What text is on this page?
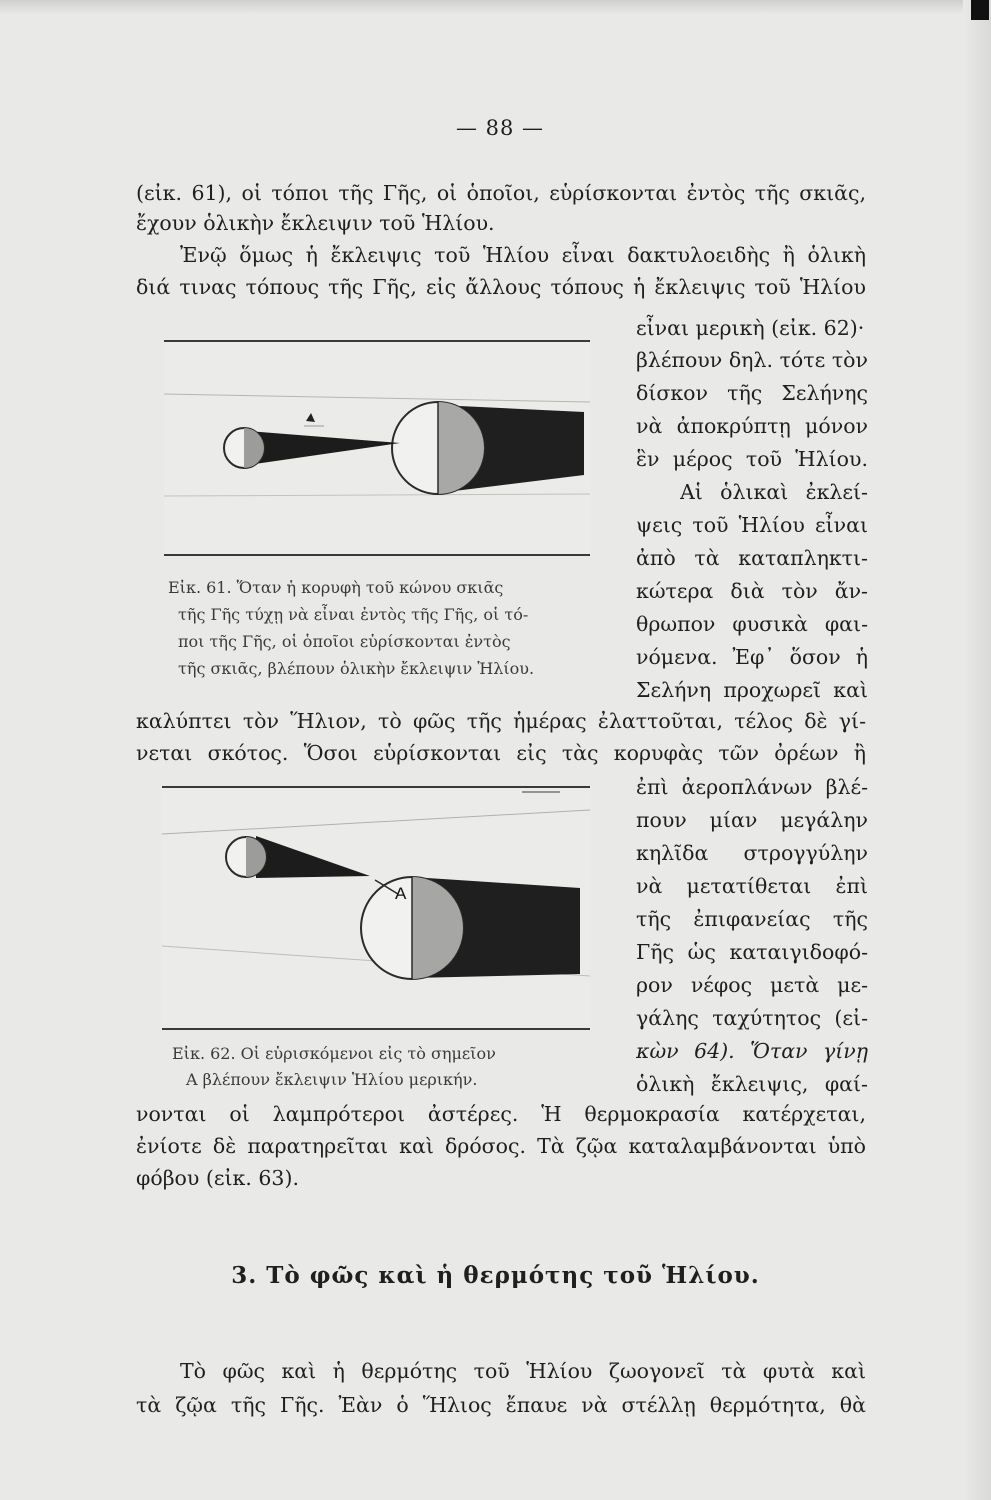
— 88 —
(εἰκ. 61), οἱ τόποι τῆς Γῆς, οἱ ὁποῖοι, εὑρίσκονται ἐντὸς τῆς σκιᾶς,
ἔχουν ὁλικὴν ἔκλειψιν τοῦ Ἡλίου.
Ἐνῷ ὅμως ἡ ἔκλειψις τοῦ Ἡλίου εἶναι δακτυλοειδὴς ἢ ὁλικὴ
διά τινας τόπους τῆς Γῆς, εἰς ἄλλους τόπους ἡ ἔκλειψις τοῦ Ἡλίου
εἶναι μερικὴ (εἰκ. 62)·
βλέπουν δηλ. τότε τὸν
δίσκον τῆς Σελήνης
νὰ ἀποκρύπτῃ μόνον
ἓν μέρος τοῦ Ἡλίου.
Αἱ ὁλικαὶ ἐκλεί-
ψεις τοῦ Ἡλίου εἶναι
ἀπὸ τὰ καταπληκτι-
κώτερα διὰ τὸν ἄν-
θρωπον φυσικὰ φαι-
νόμενα. Ἐφ᾽ ὅσον ἡ
Σελήνη προχωρεῖ καὶ
Εἰκ. 61. Ὅταν ἡ κορυφὴ τοῦ κώνου σκιᾶς
τῆς Γῆς τύχῃ νὰ εἶναι ἐντὸς τῆς Γῆς, οἱ τό-
ποι τῆς Γῆς, οἱ ὁποῖοι εὑρίσκονται ἐντὸς
τῆς σκιᾶς, βλέπουν ὁλικὴν ἔκλειψιν Ἡλίου.
καλύπτει τὸν Ἥλιον, τὸ φῶς τῆς ἡμέρας ἐλαττοῦται, τέλος δὲ γί-
νεται σκότος. Ὅσοι εὑρίσκονται εἰς τὰς κορυφὰς τῶν ὀρέων ἢ
ἐπὶ ἀεροπλάνων βλέ-
πουν μίαν μεγάλην
κηλῖδα στρογγύλην
νὰ μετατίθεται ἐπὶ
τῆς ἐπιφανείας τῆς
Γῆς ὡς καταιγιδοφό-
ρον νέφος μετὰ με-
γάλης ταχύτητος (εἰ-
κὼν 64). Ὅταν γίνῃ
ὁλικὴ ἔκλειψις, φαί-
A
Εἰκ. 62. Οἱ εὑρισκόμενοι εἰς τὸ σημεῖον
Α βλέπουν ἔκλειψιν Ἡλίου μερικήν.
νονται οἱ λαμπρότεροι ἀστέρες. Ἡ θερμοκρασία κατέρχεται,
ἐνίοτε δὲ παρατηρεῖται καὶ δρόσος. Τὰ ζῷα καταλαμβάνονται ὑπὸ
φόβου (εἰκ. 63).
3. Τὸ φῶς καὶ ἡ θερμότης τοῦ Ἡλίου.
Τὸ φῶς καὶ ἡ θερμότης τοῦ Ἡλίου ζωογονεῖ τὰ φυτὰ καὶ
τὰ ζῷα τῆς Γῆς. Ἐὰν ὁ Ἥλιος ἔπαυε νὰ στέλλῃ θερμότητα, θὰ
